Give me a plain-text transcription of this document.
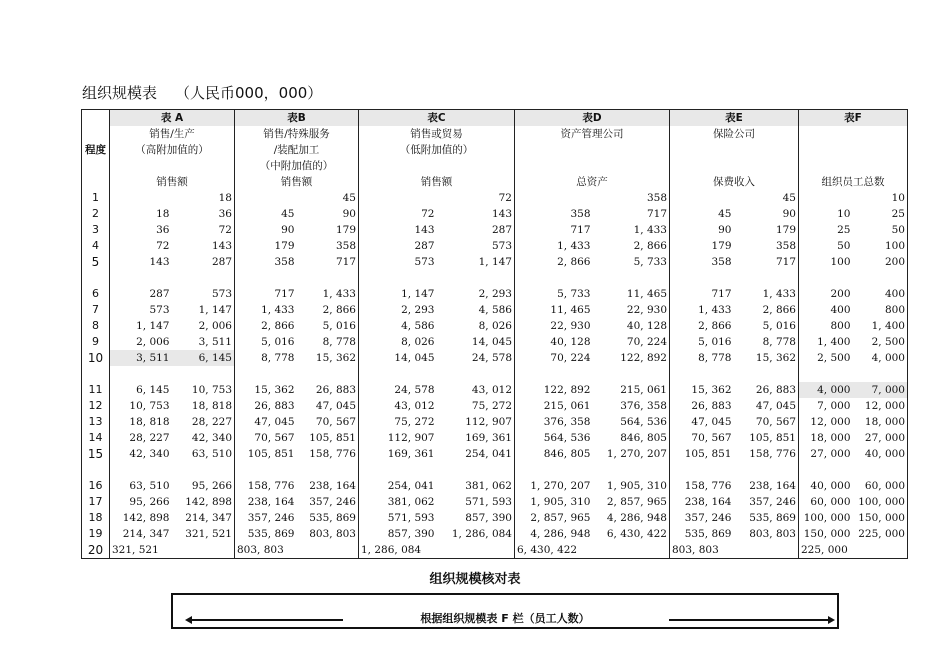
组织规模表 （人民币000，000）
程度	表 A		表B		表C		表D		表E		表F	
	销售/生产		销售/特殊服务		销售或贸易		资产管理公司		保险公司			
	（高附加值的）		/装配加工		（低附加值的）							
			（中附加值的）									
	销售额		销售额		销售额		总资产		保费收入		组织员工总数	
1		18		45		72		358		45		10
2	18	36	45	90	72	143	358	717	45	90	10	25
3	36	72	90	179	143	287	717	1, 433	90	179	25	50
4	72	143	179	358	287	573	1, 433	2, 866	179	358	50	100
5	143	287	358	717	573	1, 147	2, 866	5, 733	358	717	100	200

6	287	573	717	1, 433	1, 147	2, 293	5, 733	11, 465	717	1, 433	200	400
7	573	1, 147	1, 433	2, 866	2, 293	4, 586	11, 465	22, 930	1, 433	2, 866	400	800
8	1, 147	2, 006	2, 866	5, 016	4, 586	8, 026	22, 930	40, 128	2, 866	5, 016	800	1, 400
9	2, 006	3, 511	5, 016	8, 778	8, 026	14, 045	40, 128	70, 224	5, 016	8, 778	1, 400	2, 500
10	3, 511	6, 145	8, 778	15, 362	14, 045	24, 578	70, 224	122, 892	8, 778	15, 362	2, 500	4, 000

11	6, 145	10, 753	15, 362	26, 883	24, 578	43, 012	122, 892	215, 061	15, 362	26, 883	4, 000	7, 000
12	10, 753	18, 818	26, 883	47, 045	43, 012	75, 272	215, 061	376, 358	26, 883	47, 045	7, 000	12, 000
13	18, 818	28, 227	47, 045	70, 567	75, 272	112, 907	376, 358	564, 536	47, 045	70, 567	12, 000	18, 000
14	28, 227	42, 340	70, 567	105, 851	112, 907	169, 361	564, 536	846, 805	70, 567	105, 851	18, 000	27, 000
15	42, 340	63, 510	105, 851	158, 776	169, 361	254, 041	846, 805	1, 270, 207	105, 851	158, 776	27, 000	40, 000

16	63, 510	95, 266	158, 776	238, 164	254, 041	381, 062	1, 270, 207	1, 905, 310	158, 776	238, 164	40, 000	60, 000
17	95, 266	142, 898	238, 164	357, 246	381, 062	571, 593	1, 905, 310	2, 857, 965	238, 164	357, 246	60, 000	100, 000
18	142, 898	214, 347	357, 246	535, 869	571, 593	857, 390	2, 857, 965	4, 286, 948	357, 246	535, 869	100, 000	150, 000
19	214, 347	321, 521	535, 869	803, 803	857, 390	1, 286, 084	4, 286, 948	6, 430, 422	535, 869	803, 803	150, 000	225, 000
20	321, 521		803, 803		1, 286, 084		6, 430, 422		803, 803		225, 000	
组织规模核对表
根据组织规模表 F 栏（员工人数）
